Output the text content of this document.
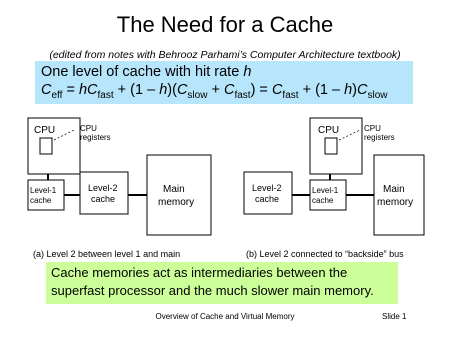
The Need for a Cache
(edited from notes with Behrooz Parhami’s Computer Architecture textbook)
One level of cache with hit rate h
$C_{eff} = hC_{fast} + (1 - h)(C_{slow} + C_{fast}) = C_{fast} + (1 - h)C_{slow}$
CPU	CPU
registers
Level-1
cache
Level-2
cache
Main
memory
(a) Level 2 between level 1 and main
CPU	CPU
registers
Level-1
cache
Level-2
cache
Main
memory
(b) Level 2 connected to “backside” bus
Cache memories act as intermediaries between the superfast processor and the much slower main memory.
Overview of Cache and Virtual Memory	Slide 1
